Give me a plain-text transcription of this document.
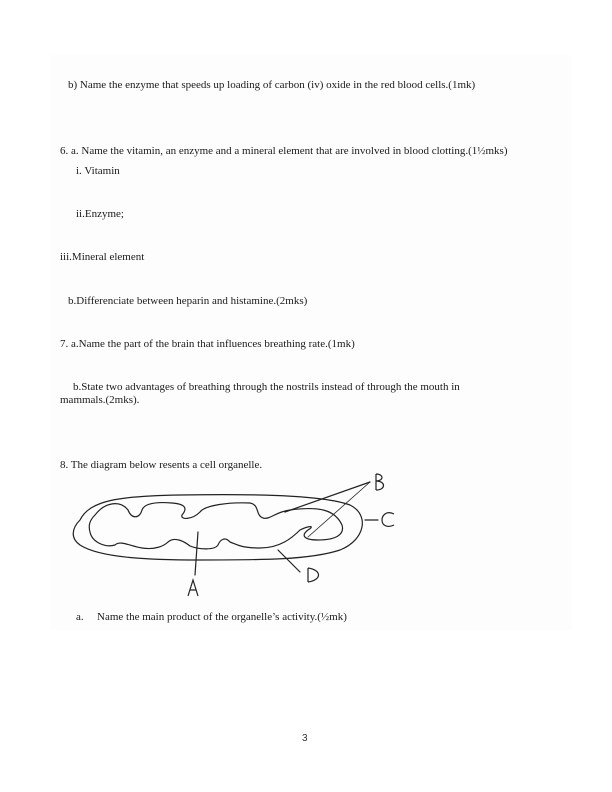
b) Name the enzyme that speeds up loading of carbon (iv) oxide in the red blood cells.(1mk)
6. a. Name the vitamin, an enzyme and a mineral element that are involved in blood clotting.(1½mks)
i. Vitamin
ii.Enzyme;
iii.Mineral element
b.Differenciate between heparin and histamine.(2mks)
7. a.Name the part of the brain that influences breathing rate.(1mk)
b.State two advantages of breathing through the nostrils instead of through the mouth in
mammals.(2mks).
8. The diagram below resents a cell organelle.
a. Name the main product of the organelle’s activity.(½mk)
3
